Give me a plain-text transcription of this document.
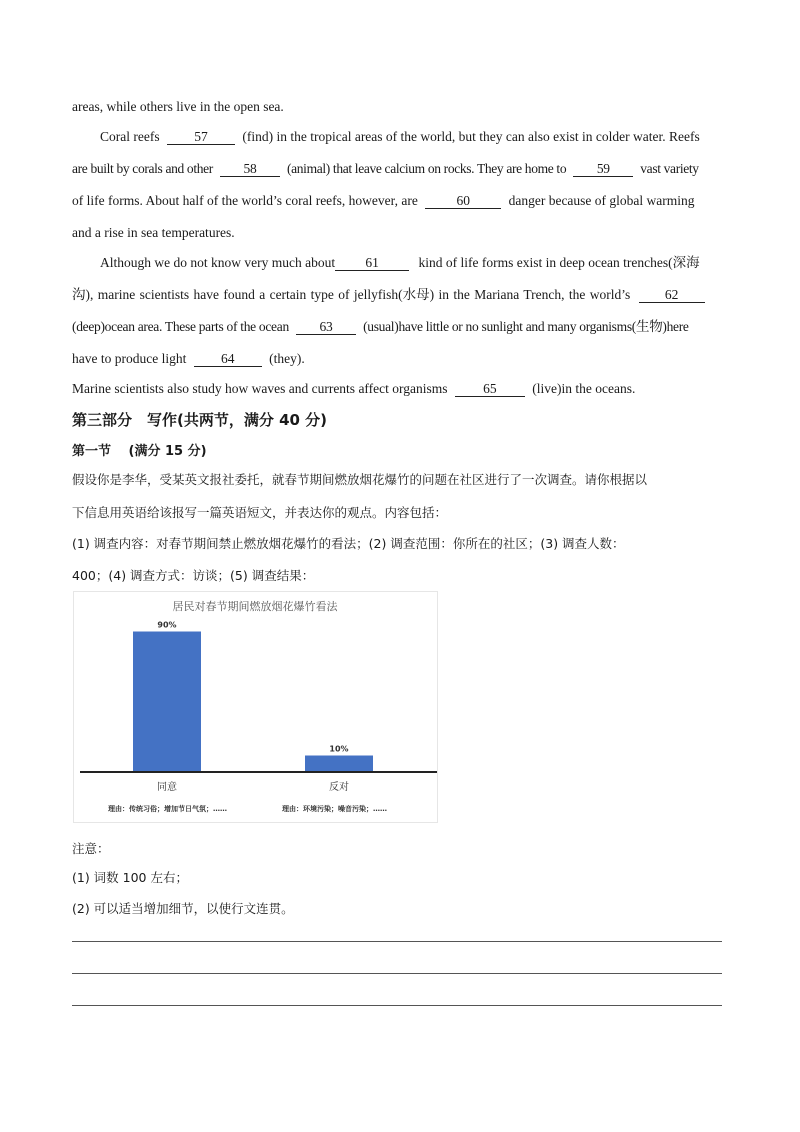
areas, while others live in the open sea.
Coral reefs	57	(find) in the tropical areas of the world, but they can also exist in colder water. Reefs
are built by corals and other 58 (animal) that leave calcium on rocks. They are home to 59 vast variety
of life forms. About half of the world’s coral reefs, however, are	60	danger because of global warming
and a rise in sea temperatures.
Although we do not know very much about 61	kind of life forms exist in deep ocean trenches(深海
沟), marine scientists have found a certain type of jellyfish(水母) in the Mariana Trench, the world’s	62
(deep)ocean area. These parts of the ocean 63 (usual)have little or no sunlight and many organisms(生物)here
have to produce light	64	(they).
Marine scientists also study how waves and currents affect organisms	65	(live)in the oceans.
第三部分　写作(共两节，满分 40 分)
第一节　 (满分 15 分)
假设你是李华，受某英文报社委托，就春节期间燃放烟花爆竹的问题在社区进行了一次调查。请你根据以
下信息用英语给该报写一篇英语短文，并表达你的观点。内容包括：
(1) 调查内容：对春节期间禁止燃放烟花爆竹的看法；(2) 调查范围：你所在的社区；(3) 调查人数：
400；(4) 调查方式：访谈；(5) 调查结果：
居民对春节期间燃放烟花爆竹看法
90%
同意
10%
反对
理由：传统习俗；增加节日气氛；……	理由：环境污染；噪音污染；……
注意：
(1) 词数 100 左右；
(2) 可以适当增加细节，以使行文连贯。
